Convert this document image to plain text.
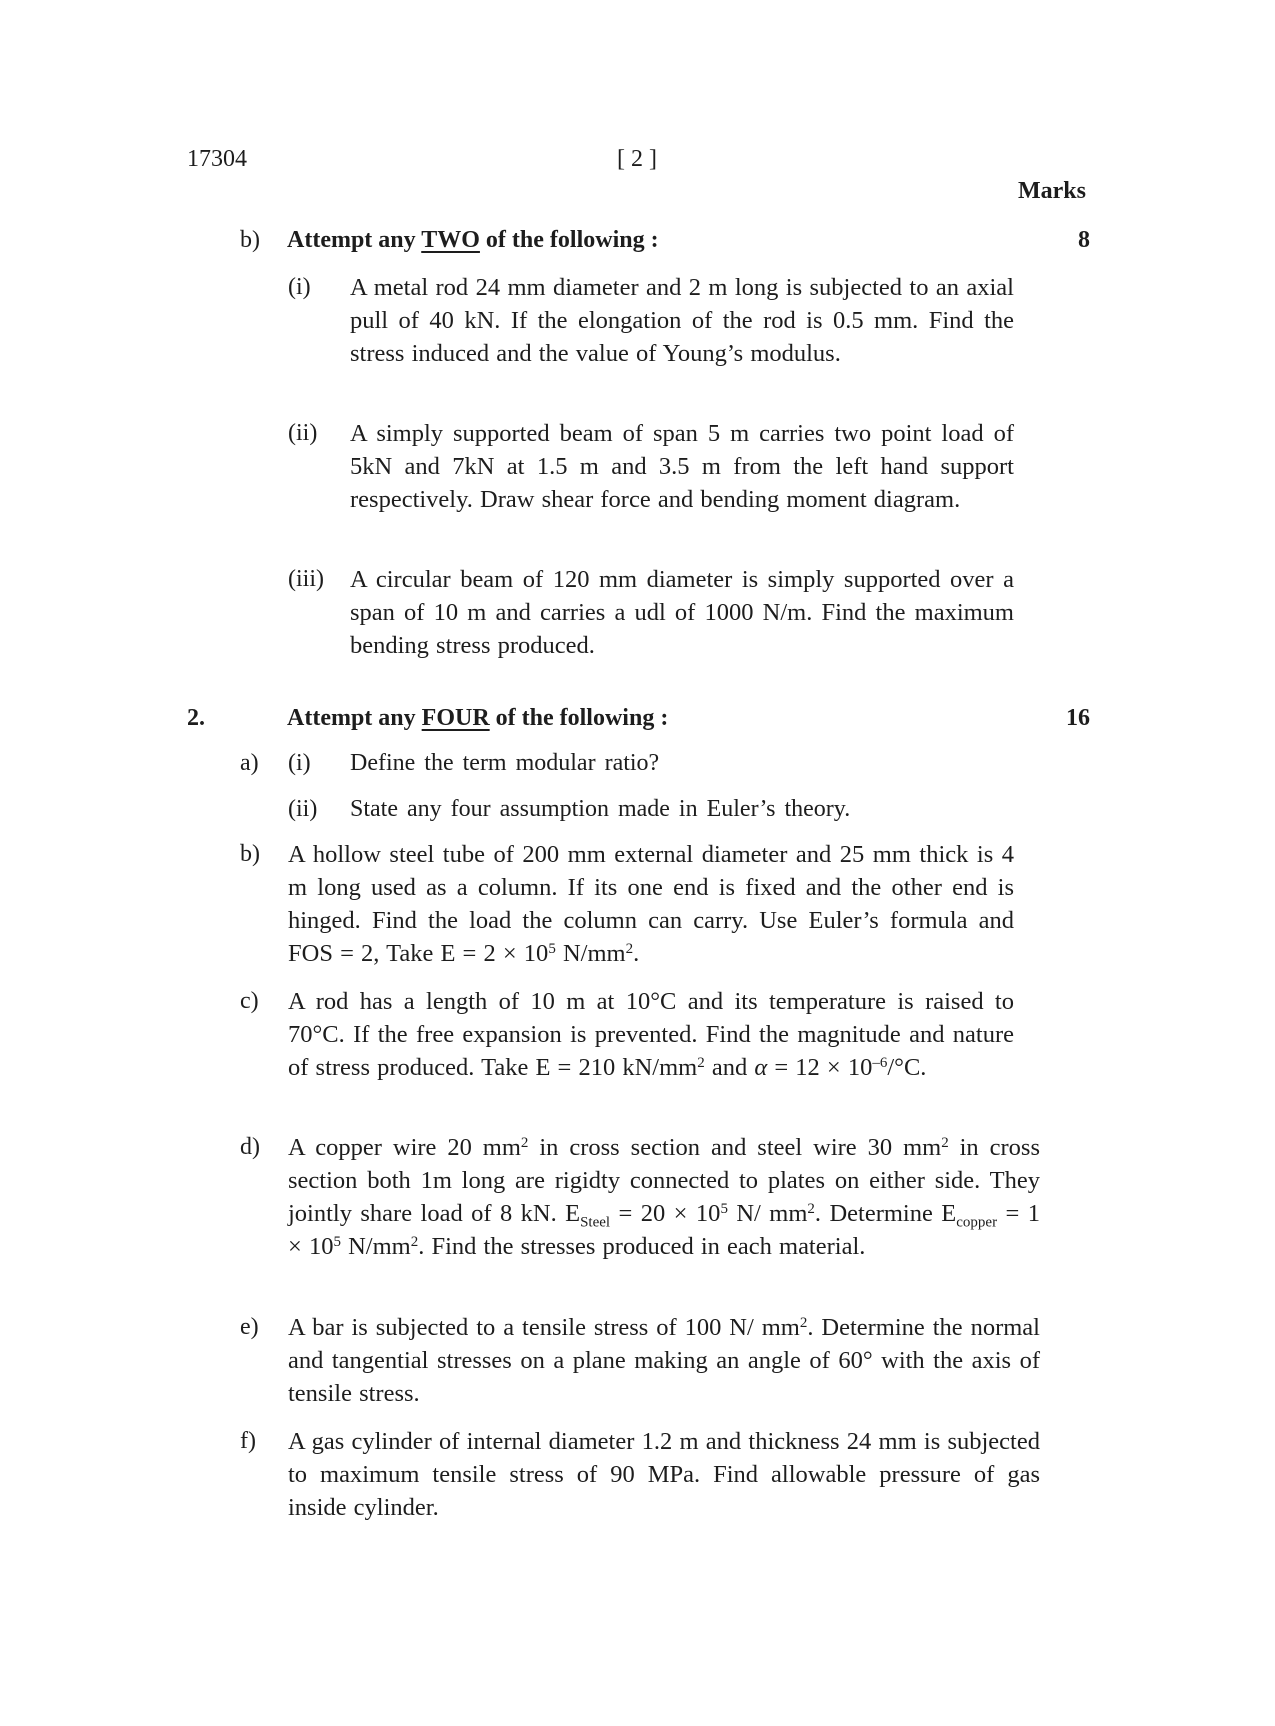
17304	[ 2 ]
Marks
b) Attempt any TWO of the following :	8
(i) A metal rod 24 mm diameter and 2 m long is subjected to an axial pull of 40 kN. If the elongation of the rod is 0.5 mm. Find the stress induced and the value of Young’s modulus.
(ii) A simply supported beam of span 5 m carries two point load of 5kN and 7kN at 1.5 m and 3.5 m from the left hand support respectively. Draw shear force and bending moment diagram.
(iii) A circular beam of 120 mm diameter is simply supported over a span of 10 m and carries a udl of 1000 N/m. Find the maximum bending stress produced.
2.	Attempt any FOUR of the following :	16
a) (i) Define the term modular ratio?
(ii) State any four assumption made in Euler’s theory.
b) A hollow steel tube of 200 mm external diameter and 25 mm thick is 4 m long used as a column. If its one end is fixed and the other end is hinged. Find the load the column can carry. Use Euler’s formula and FOS = 2, Take $E = 2 \times 10^5$ $N/mm^2$.
c) A rod has a length of 10 m at 10°C and its temperature is raised to 70°C. If the free expansion is prevented. Find the magnitude and nature of stress produced. Take E = 210 $kN/mm^2$ and $\alpha = 12 \times 10^{-6}/^\circ C$.
d) A copper wire 20 $mm^2$ in cross section and steel wire 30 $mm^2$ in cross section both 1m long are rigidty connected to plates on either side. They jointly share load of 8 kN. $E_{Steel} = 20 \times 10^5$ N/ $mm^2$. Determine $E_{copper} = 1 \times 10^5$ $N/mm^2$. Find the stresses produced in each material.
e) A bar is subjected to a tensile stress of 100 N/ $mm^2$. Determine the normal and tangential stresses on a plane making an angle of 60° with the axis of tensile stress.
f) A gas cylinder of internal diameter 1.2 m and thickness 24 mm is subjected to maximum tensile stress of 90 MPa. Find allowable pressure of gas inside cylinder.
